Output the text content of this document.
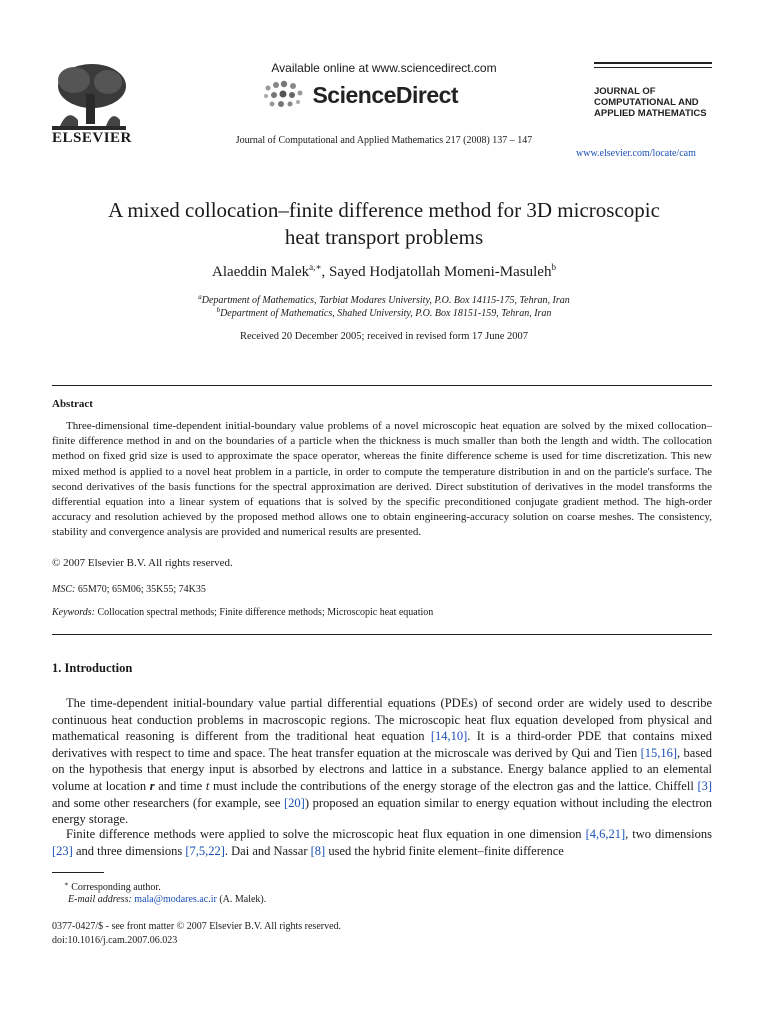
ELSEVIER
Available online at www.sciencedirect.com
ScienceDirect
Journal of Computational and Applied Mathematics 217 (2008) 137 – 147
JOURNAL OF
COMPUTATIONAL AND
APPLIED MATHEMATICS
www.elsevier.com/locate/cam
A mixed collocation–finite difference method for 3D microscopic
heat transport problems
Alaeddin Malek$^{a,∗}$, Sayed Hodjatollah Momeni-Masuleh$^b$
$^a$Department of Mathematics, Tarbiat Modares University, P.O. Box 14115-175, Tehran, Iran
$^b$Department of Mathematics, Shahed University, P.O. Box 18151-159, Tehran, Iran
Received 20 December 2005; received in revised form 17 June 2007
Abstract
Three-dimensional time-dependent initial-boundary value problems of a novel microscopic heat equation are solved by the mixed collocation–finite difference method in and on the boundaries of a particle when the thickness is much smaller than both the length and width. The collocation method on fixed grid size is used to approximate the space operator, whereas the finite difference scheme is used for time discretization. This new mixed method is applied to a novel heat problem in a particle, in order to compute the temperature distribution in and on the particle's surface. The second derivatives of the basis functions for the spectral approximation are derived. Direct substitution of derivatives in the model transforms the differential equation into a linear system of equations that is solved by the specific preconditioned conjugate gradient method. The high-order accuracy and resolution achieved by the proposed method allows one to obtain engineering-accuracy solution on coarse meshes. The consistency, stability and convergence analysis are provided and numerical results are presented.
© 2007 Elsevier B.V. All rights reserved.
MSC: 65M70; 65M06; 35K55; 74K35
Keywords: Collocation spectral methods; Finite difference methods; Microscopic heat equation
1. Introduction
The time-dependent initial-boundary value partial differential equations (PDEs) of second order are widely used to describe continuous heat conduction problems in macroscopic regions. The microscopic heat flux equation developed from physical and mathematical reasoning is different from the traditional heat equation [14,10]. It is a third-order PDE that contains mixed derivatives with respect to time and space. The heat transfer equation at the microscale was derived by Qui and Tien [15,16], based on the hypothesis that energy input is absorbed by electrons and lattice in a substance. Energy balance applied to an elemental volume at location r and time t must include the contributions of the energy storage of the electron gas and the lattice. Chiffell [3] and some other researchers (for example, see [20]) proposed an equation similar to energy equation without including the electron energy storage.
Finite difference methods were applied to solve the microscopic heat flux equation in one dimension [4,6,21], two dimensions [23] and three dimensions [7,5,22]. Dai and Nassar [8] used the hybrid finite element–finite difference
∗ Corresponding author.
E-mail address: mala@modares.ac.ir (A. Malek).
0377-0427/$ - see front matter © 2007 Elsevier B.V. All rights reserved.
doi:10.1016/j.cam.2007.06.023
